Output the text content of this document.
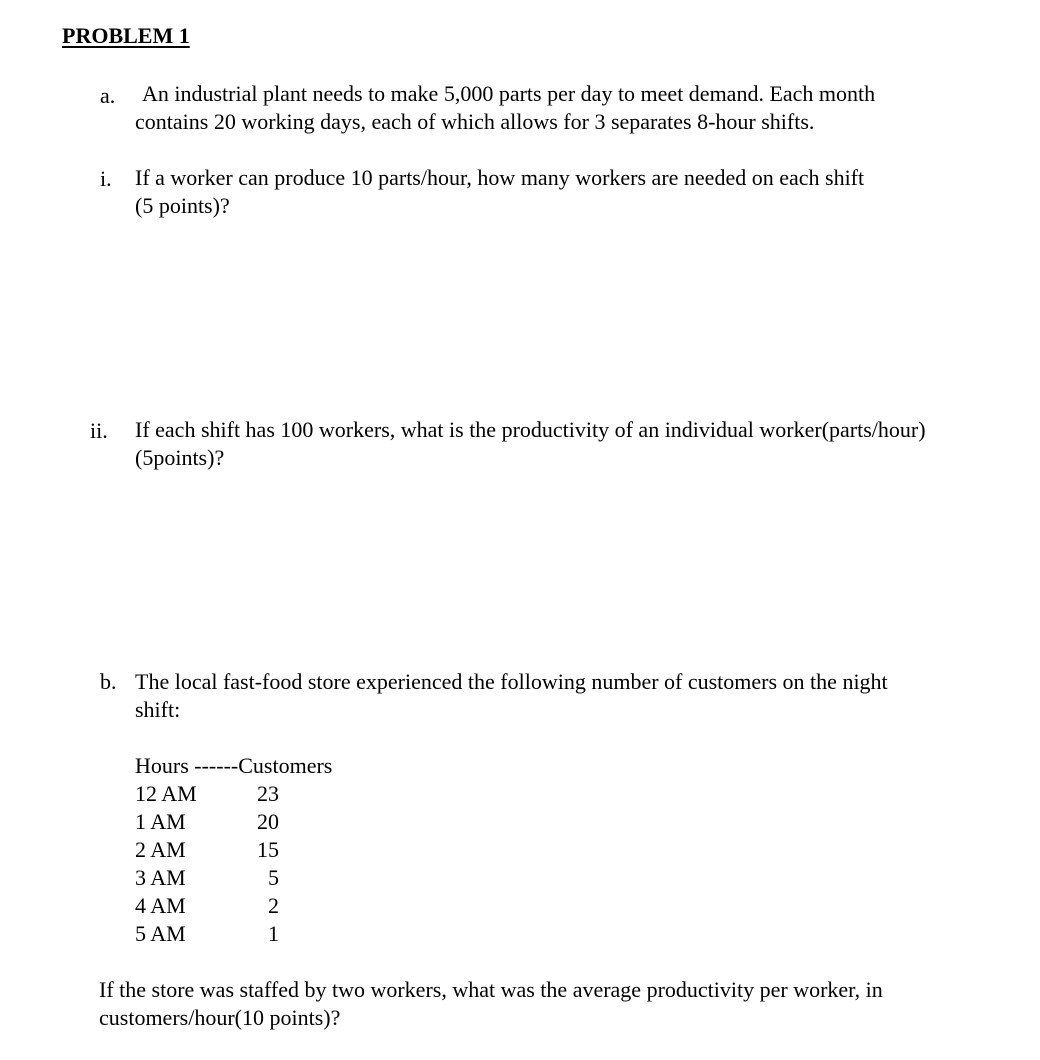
PROBLEM 1
a. An industrial plant needs to make 5,000 parts per day to meet demand. Each month
contains 20 working days, each of which allows for 3 separates 8-hour shifts.
i. If a worker can produce 10 parts/hour, how many workers are needed on each shift
(5 points)?
ii. If each shift has 100 workers, what is the productivity of an individual worker(parts/hour)
(5points)?
b. The local fast-food store experienced the following number of customers on the night
shift:
Hours ------Customers
12 AM	23
1 AM	20
2 AM	15
3 AM	5
4 AM	2
5 AM	1
If the store was staffed by two workers, what was the average productivity per worker, in
customers/hour(10 points)?
